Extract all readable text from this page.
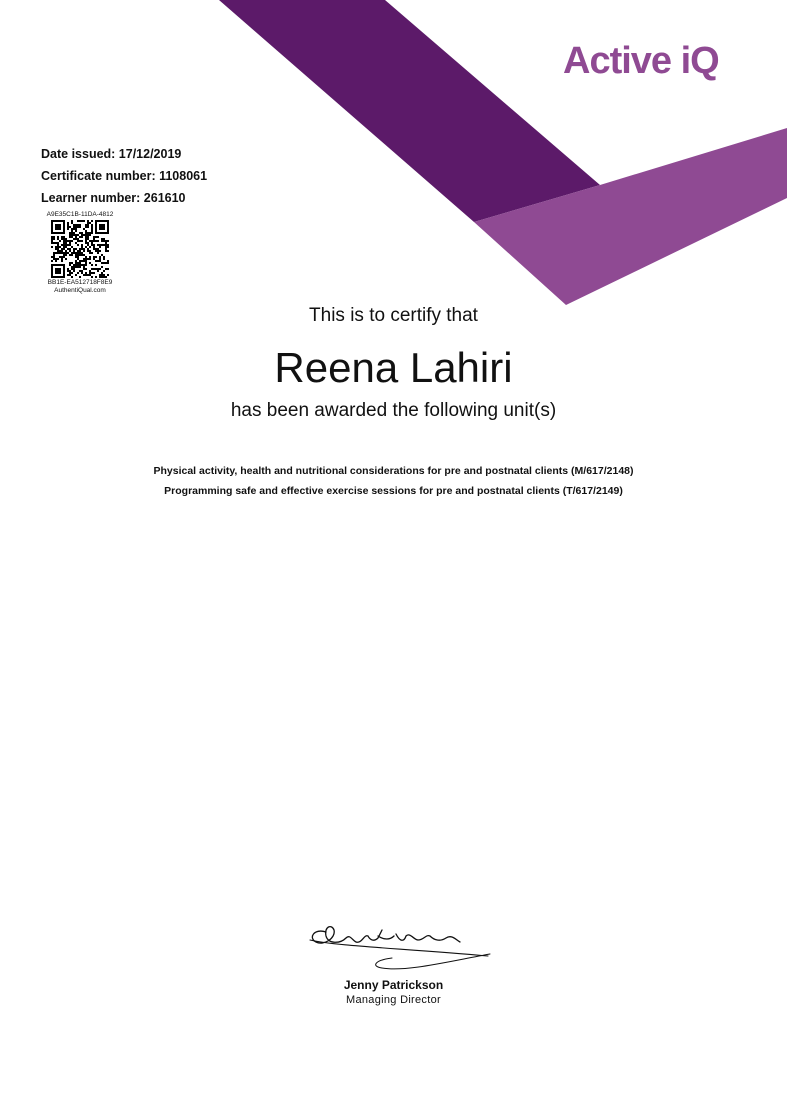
Active iQ
Date issued: 17/12/2019
Certificate number: 1108061
Learner number: 261610
A9E35C1B-11DA-4812
BB1E-EA512718F8E9
AuthentiQual.com
This is to certify that
Reena Lahiri
has been awarded the following unit(s)
Physical activity, health and nutritional considerations for pre and postnatal clients (M/617/2148)
Programming safe and effective exercise sessions for pre and postnatal clients (T/617/2149)
Jenny Patrickson
Managing Director
